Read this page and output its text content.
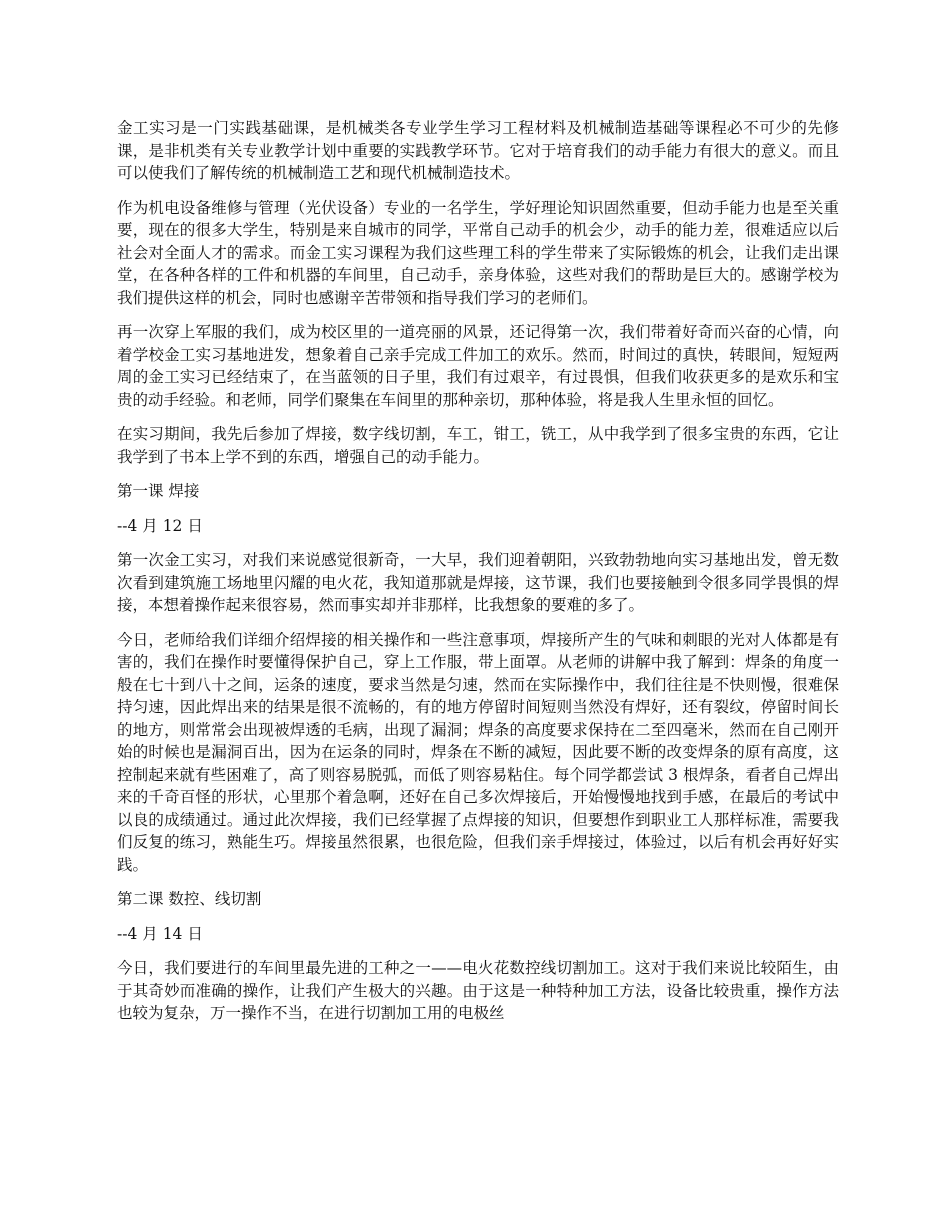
金工实习是一门实践基础课，是机械类各专业学生学习工程材料及机械制造基础等课程必不可少的先修课，是非机类有关专业教学计划中重要的实践教学环节。它对于培育我们的动手能力有很大的意义。而且可以使我们了解传统的机械制造工艺和现代机械制造技术。

作为机电设备维修与管理（光伏设备）专业的一名学生，学好理论知识固然重要，但动手能力也是至关重要，现在的很多大学生，特别是来自城市的同学，平常自己动手的机会少，动手的能力差，很难适应以后社会对全面人才的需求。而金工实习课程为我们这些理工科的学生带来了实际锻炼的机会，让我们走出课堂，在各种各样的工件和机器的车间里，自己动手，亲身体验，这些对我们的帮助是巨大的。感谢学校为我们提供这样的机会，同时也感谢辛苦带领和指导我们学习的老师们。

再一次穿上军服的我们，成为校区里的一道亮丽的风景，还记得第一次，我们带着好奇而兴奋的心情，向着学校金工实习基地进发，想象着自己亲手完成工件加工的欢乐。然而，时间过的真快，转眼间，短短两周的金工实习已经结束了，在当蓝领的日子里，我们有过艰辛，有过畏惧，但我们收获更多的是欢乐和宝贵的动手经验。和老师，同学们聚集在车间里的那种亲切，那种体验，将是我人生里永恒的回忆。

在实习期间，我先后参加了焊接，数字线切割，车工，钳工，铣工，从中我学到了很多宝贵的东西，它让我学到了书本上学不到的东西，增强自己的动手能力。

第一课 焊接

--4 月 12 日

第一次金工实习，对我们来说感觉很新奇，一大早，我们迎着朝阳，兴致勃勃地向实习基地出发，曾无数次看到建筑施工场地里闪耀的电火花，我知道那就是焊接，这节课，我们也要接触到令很多同学畏惧的焊接，本想着操作起来很容易，然而事实却并非那样，比我想象的要难的多了。

今日，老师给我们详细介绍焊接的相关操作和一些注意事项，焊接所产生的气味和刺眼的光对人体都是有害的，我们在操作时要懂得保护自己，穿上工作服，带上面罩。从老师的讲解中我了解到：焊条的角度一般在七十到八十之间，运条的速度，要求当然是匀速，然而在实际操作中，我们往往是不快则慢，很难保持匀速，因此焊出来的结果是很不流畅的，有的地方停留时间短则当然没有焊好，还有裂纹，停留时间长的地方，则常常会出现被焊透的毛病，出现了漏洞；焊条的高度要求保持在二至四毫米，然而在自己刚开始的时候也是漏洞百出，因为在运条的同时，焊条在不断的减短，因此要不断的改变焊条的原有高度，这控制起来就有些困难了，高了则容易脱弧，而低了则容易粘住。每个同学都尝试 3 根焊条，看者自己焊出来的千奇百怪的形状，心里那个着急啊，还好在自己多次焊接后，开始慢慢地找到手感，在最后的考试中以良的成绩通过。通过此次焊接，我们已经掌握了点焊接的知识，但要想作到职业工人那样标准，需要我们反复的练习，熟能生巧。焊接虽然很累，也很危险，但我们亲手焊接过，体验过，以后有机会再好好实践。

第二课 数控、线切割

--4 月 14 日

今日，我们要进行的车间里最先进的工种之一——电火花数控线切割加工。这对于我们来说比较陌生，由于其奇妙而准确的操作，让我们产生极大的兴趣。由于这是一种特种加工方法，设备比较贵重，操作方法也较为复杂，万一操作不当，在进行切割加工用的电极丝
